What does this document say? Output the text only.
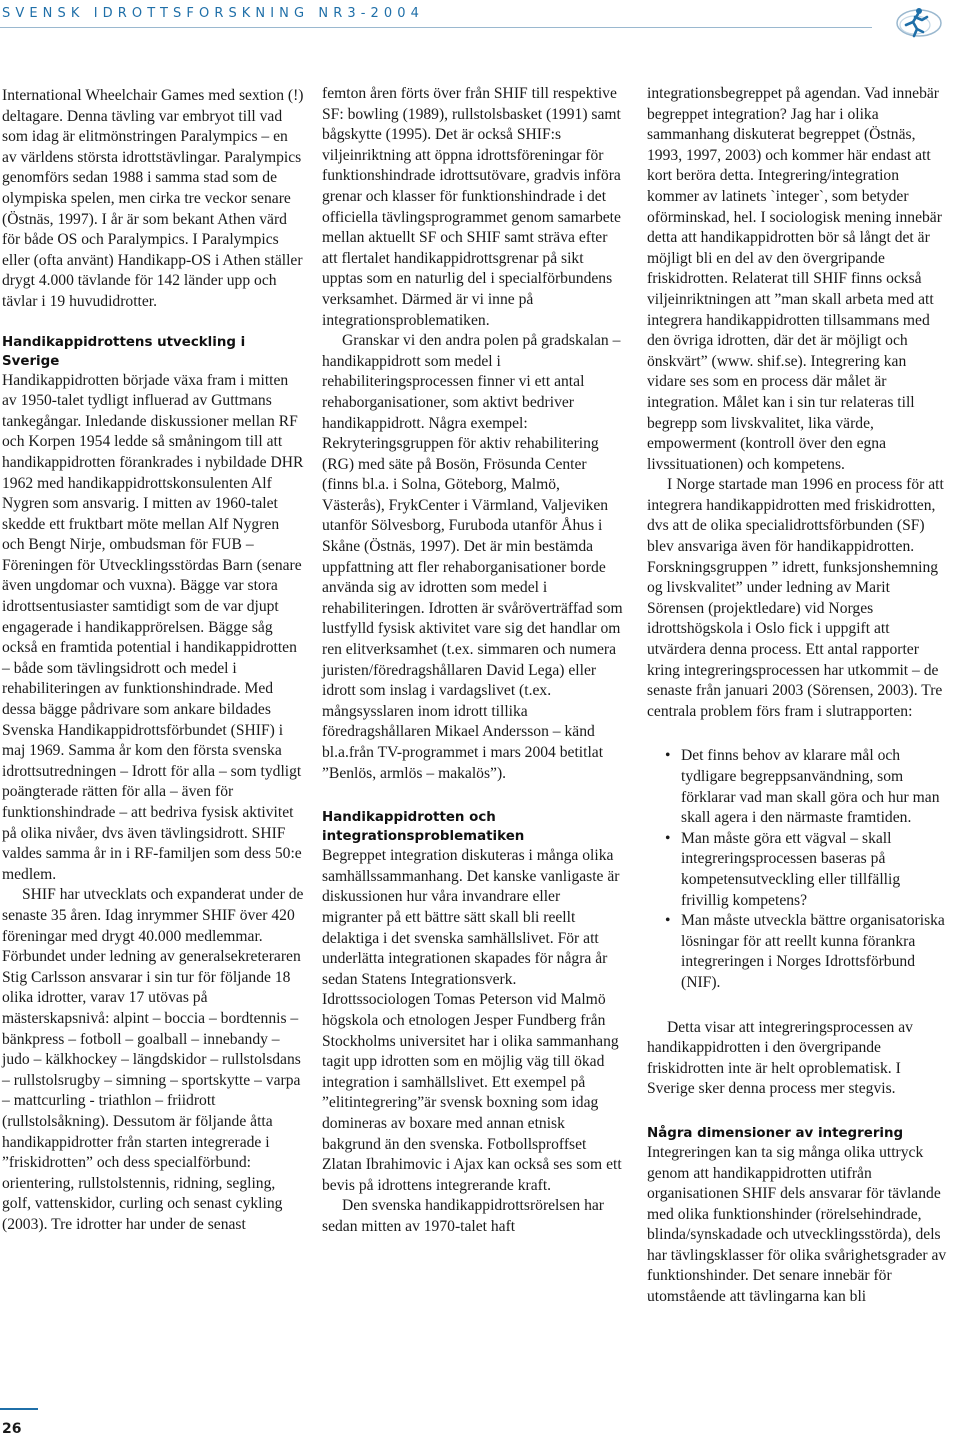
SVENSK IDROTTSFORSKNING NR3-2004

International Wheelchair Games med sextion (!) deltagare. Denna tävling var embryot till vad som idag är elitmönstringen Paralympics – en av världens största idrottstävlingar. Paralympics genomförs sedan 1988 i samma stad som de olympiska spelen, men cirka tre veckor senare (Östnäs, 1997). I år är som bekant Athen värd för både OS och Paralympics. I Paralympics eller (ofta använt) Handikapp-OS i Athen ställer drygt 4.000 tävlande för 142 länder upp och tävlar i 19 huvudidrotter.

Handikappidrottens utveckling i Sverige

Handikappidrotten började växa fram i mitten av 1950-talet tydligt influerad av Guttmans tankegångar. Inledande diskussioner mellan RF och Korpen 1954 ledde så småningom till att handikappidrotten förankrades i nybildade DHR 1962 med handikappidrottskonsulenten Alf Nygren som ansvarig. I mitten av 1960-talet skedde ett fruktbart möte mellan Alf Nygren och Bengt Nirje, ombudsman för FUB – Föreningen för Utvecklingsstördas Barn (senare även ungdomar och vuxna). Bägge var stora idrottsentusiaster samtidigt som de var djupt engagerade i handikapprörelsen. Bägge såg också en framtida potential i handikappidrotten – både som tävlingsidrott och medel i rehabiliteringen av funktionshindrade. Med dessa bägge pådrivare som ankare bildades Svenska Handikappidrottsförbundet (SHIF) i maj 1969. Samma år kom den första svenska idrottsutredningen – Idrott för alla – som tydligt poängterade rätten för alla – även för funktionshindrade – att bedriva fysisk aktivitet på olika nivåer, dvs även tävlingsidrott. SHIF valdes samma år in i RF-familjen som dess 50:e medlem.

SHIF har utvecklats och expanderat under de senaste 35 åren. Idag inrymmer SHIF över 420 föreningar med drygt 40.000 medlemmar. Förbundet under ledning av generalsekreteraren Stig Carlsson ansvarar i sin tur för följande 18 olika idrotter, varav 17 utövas på mästerskapsnivå: alpint – boccia – bordtennis – bänkpress – fotboll – goalball – innebandy – judo – kälkhockey – längdskidor – rullstolsdans – rullstolsrugby – simning – sportskytte – varpa – mattcurling - triathlon – friidrott (rullstolsåkning). Dessutom är följande åtta handikappidrotter från starten integrerade i ”friskidrotten” och dess specialförbund: orientering, rullstolstennis, ridning, segling, golf, vattenskidor, curling och senast cykling (2003). Tre idrotter har under de senast

femton åren förts över från SHIF till respektive SF: bowling (1989), rullstolsbasket (1991) samt bågskytte (1995). Det är också SHIF:s viljeinriktning att öppna idrottsföreningar för funktionshindrade idrottsutövare, gradvis införa grenar och klasser för funktionshindrade i det officiella tävlingsprogrammet genom samarbete mellan aktuellt SF och SHIF samt sträva efter att flertalet handikappidrottsgrenar på sikt upptas som en naturlig del i specialförbundens verksamhet. Därmed är vi inne på integrationsproblematiken.

Granskar vi den andra polen på gradskalan – handikappidrott som medel i rehabiliteringsprocessen finner vi ett antal rehaborganisationer, som aktivt bedriver handikappidrott. Några exempel: Rekryteringsgruppen för aktiv rehabilitering (RG) med säte på Bosön, Frösunda Center (finns bl.a. i Solna, Göteborg, Malmö, Västerås), FrykCenter i Värmland, Valjeviken utanför Sölvesborg, Furuboda utanför Åhus i Skåne (Östnäs, 1997). Det är min bestämda uppfattning att fler rehaborganisationer borde använda sig av idrotten som medel i rehabiliteringen. Idrotten är svåröverträffad som lustfylld fysisk aktivitet vare sig det handlar om ren elitverksamhet (t.ex. simmaren och numera juristen/föredragshållaren David Lega) eller idrott som inslag i vardagslivet (t.ex. mångsysslaren inom idrott tillika föredragshållaren Mikael Andersson – känd bl.a.från TV-programmet i mars 2004 betitlat ”Benlös, armlös – makalös”).

Handikappidrotten och integrationsproblematiken

Begreppet integration diskuteras i många olika samhällssammanhang. Det kanske vanligaste är diskussionen hur våra invandrare eller migranter på ett bättre sätt skall bli reellt delaktiga i det svenska samhällslivet. För att underlätta integrationen skapades för några år sedan Statens Integrationsverk. Idrottssociologen Tomas Peterson vid Malmö högskola och etnologen Jesper Fundberg från Stockholms universitet har i olika sammanhang tagit upp idrotten som en möjlig väg till ökad integration i samhällslivet. Ett exempel på ”elitintegrering”är svensk boxning som idag domineras av boxare med annan etnisk bakgrund än den svenska. Fotbollsproffset Zlatan Ibrahimovic i Ajax kan också ses som ett bevis på idrottens integrerande kraft.

Den svenska handikappidrottsrörelsen har sedan mitten av 1970-talet haft

integrationsbegreppet på agendan. Vad innebär begreppet integration? Jag har i olika sammanhang diskuterat begreppet (Östnäs, 1993, 1997, 2003) och kommer här endast att kort beröra detta. Integrering/integration kommer av latinets `integer`, som betyder oförminskad, hel. I sociologisk mening innebär detta att handikappidrotten bör så långt det är möjligt bli en del av den övergripande friskidrotten. Relaterat till SHIF finns också viljeinriktningen att ”man skall arbeta med att integrera handikappidrotten tillsammans med den övriga idrotten, där det är möjligt och önskvärt” (www. shif.se). Integrering kan vidare ses som en process där målet är integration. Målet kan i sin tur relateras till begrepp som livskvalitet, lika värde, empowerment (kontroll över den egna livssituationen) och kompetens.

I Norge startade man 1996 en process för att integrera handikappidrotten med friskidrotten, dvs att de olika specialidrottsförbunden (SF) blev ansvariga även för handikappidrotten. Forskningsgruppen ” idrett, funksjonshemning og livskvalitet” under ledning av Marit Sörensen (projektledare) vid Norges idrottshögskola i Oslo fick i uppgift att utvärdera denna process. Ett antal rapporter kring integreringsprocessen har utkommit – de senaste från januari 2003 (Sörensen, 2003). Tre centrala problem förs fram i slutrapporten:

• Det finns behov av klarare mål och tydligare begreppsanvändning, som förklarar vad man skall göra och hur man skall agera i den närmaste framtiden.
• Man måste göra ett vägval – skall integreringsprocessen baseras på kompetensutveckling eller tillfällig frivillig kompetens?
• Man måste utveckla bättre organisatoriska lösningar för att reellt kunna förankra integreringen i Norges Idrottsförbund (NIF).

Detta visar att integreringsprocessen av handikappidrotten i den övergripande friskidrotten inte är helt oproblematisk. I Sverige sker denna process mer stegvis.

Några dimensioner av integrering

Integreringen kan ta sig många olika uttryck genom att handikappidrotten utifrån organisationen SHIF dels ansvarar för tävlande med olika funktionshinder (rörelsehindrade, blinda/synskadade och utvecklingsstörda), dels har tävlingsklasser för olika svårighetsgrader av funktionshinder. Det senare innebär för utomstående att tävlingarna kan bli

26
